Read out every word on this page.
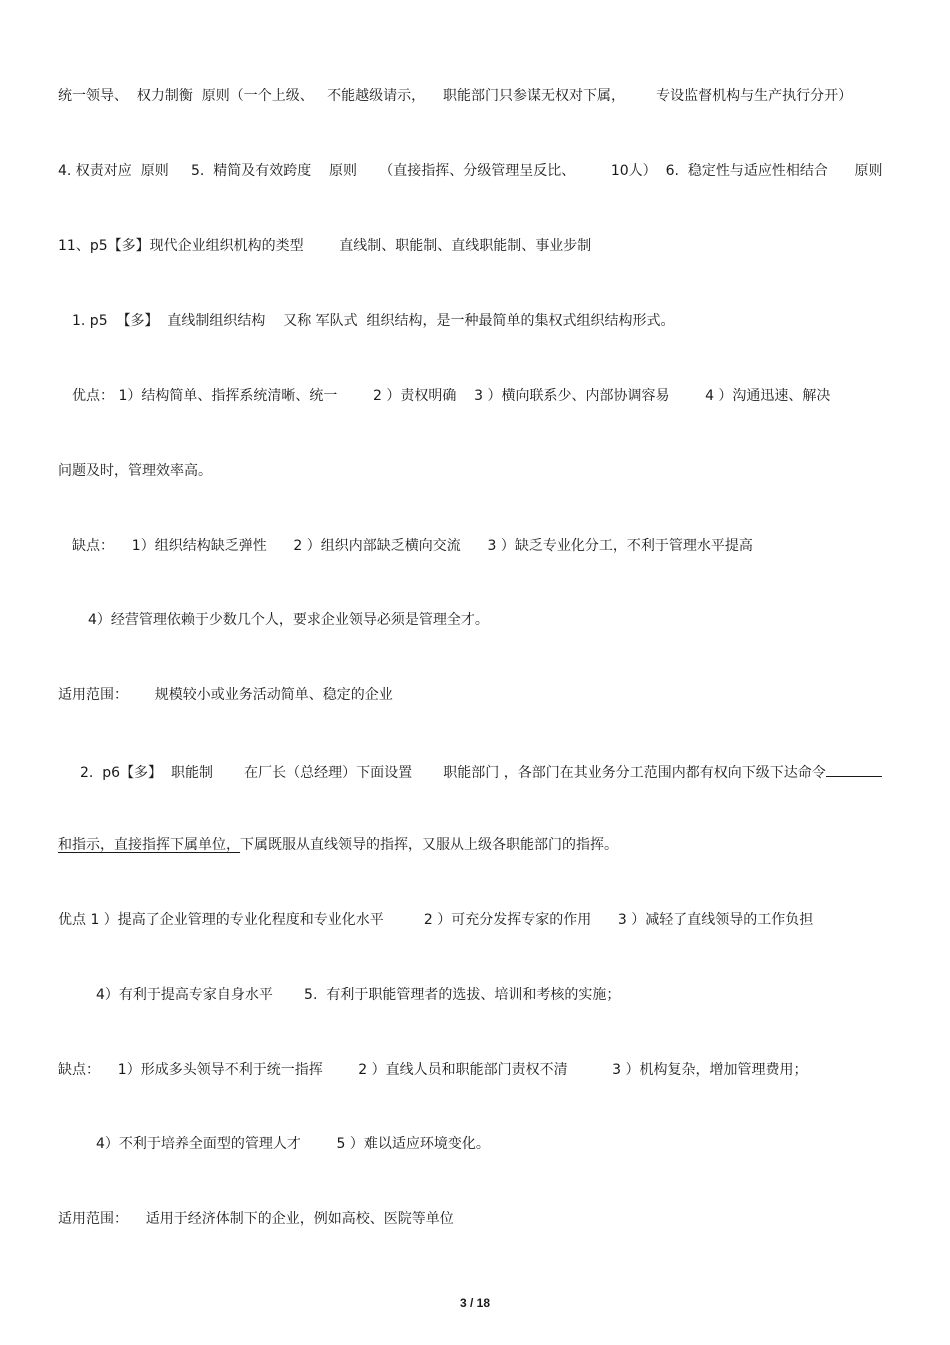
统一领导、  权力制衡  原则（一个上级、   不能越级请示，    职能部门只参谋无权对下属，       专设监督机构与生产执行分开）
4. 权责对应  原则     5.  精简及有效跨度    原则     （直接指挥、分级管理呈反比、        10人）  6.  稳定性与适应性相结合      原则
11、p5【多】现代企业组织机构的类型        直线制、职能制、直线职能制、事业步制
1. p5  【多】  直线制组织结构    又称 军队式  组织结构，是一种最简单的集权式组织结构形式。
优点： 1）结构简单、指挥系统清晰、统一        2 ）责权明确    3 ）横向联系少、内部协调容易        4 ）沟通迅速、解决
问题及时，管理效率高。
缺点：    1）组织结构缺乏弹性      2 ）组织内部缺乏横向交流      3 ）缺乏专业化分工，不利于管理水平提高
4）经营管理依赖于少数几个人，要求企业领导必须是管理全才。
适用范围：      规模较小或业务活动简单、稳定的企业
2.  p6【多】  职能制       在厂长（总经理）下面设置       职能部门 ，各部门在其业务分工范围内都有权向下级下达命令
和指示，直接指挥下属单位，下属既服从直线领导的指挥，又服从上级各职能部门的指挥。
优点 1 ）提高了企业管理的专业化程度和专业化水平         2 ）可充分发挥专家的作用      3 ）减轻了直线领导的工作负担
4）有利于提高专家自身水平       5.  有利于职能管理者的选拔、培训和考核的实施；
缺点：    1）形成多头领导不利于统一指挥        2 ）直线人员和职能部门责权不清          3 ）机构复杂，增加管理费用；
4）不利于培养全面型的管理人才        5 ）难以适应环境变化。
适用范围：    适用于经济体制下的企业，例如高校、医院等单位
3 / 18
